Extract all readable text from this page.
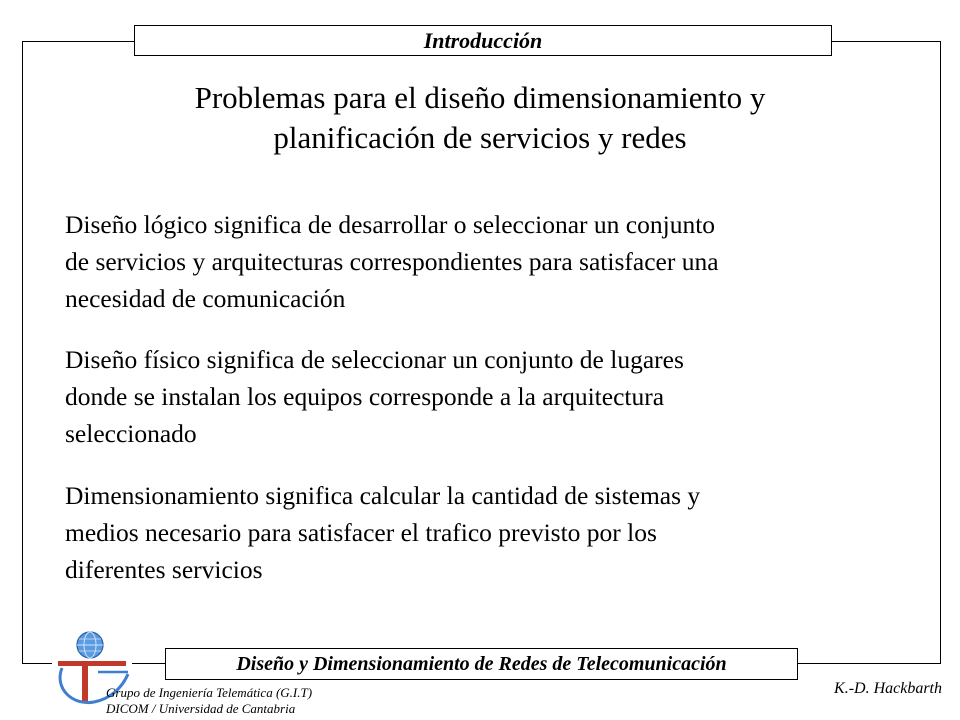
Introducción
Problemas para el diseño dimensionamiento y
planificación de servicios y redes
Diseño lógico significa de desarrollar o seleccionar un conjunto
de servicios y arquitecturas correspondientes para satisfacer una
necesidad de comunicación
Diseño físico significa de seleccionar un conjunto de lugares
donde se instalan los equipos corresponde a la arquitectura
seleccionado
Dimensionamiento significa calcular la cantidad de sistemas y
medios necesario para satisfacer el trafico previsto por los
diferentes servicios
Diseño y Dimensionamiento de Redes de Telecomunicación
Grupo de Ingeniería Telemática (G.I.T)
DICOM / Universidad de Cantabria
K.-D. Hackbarth
